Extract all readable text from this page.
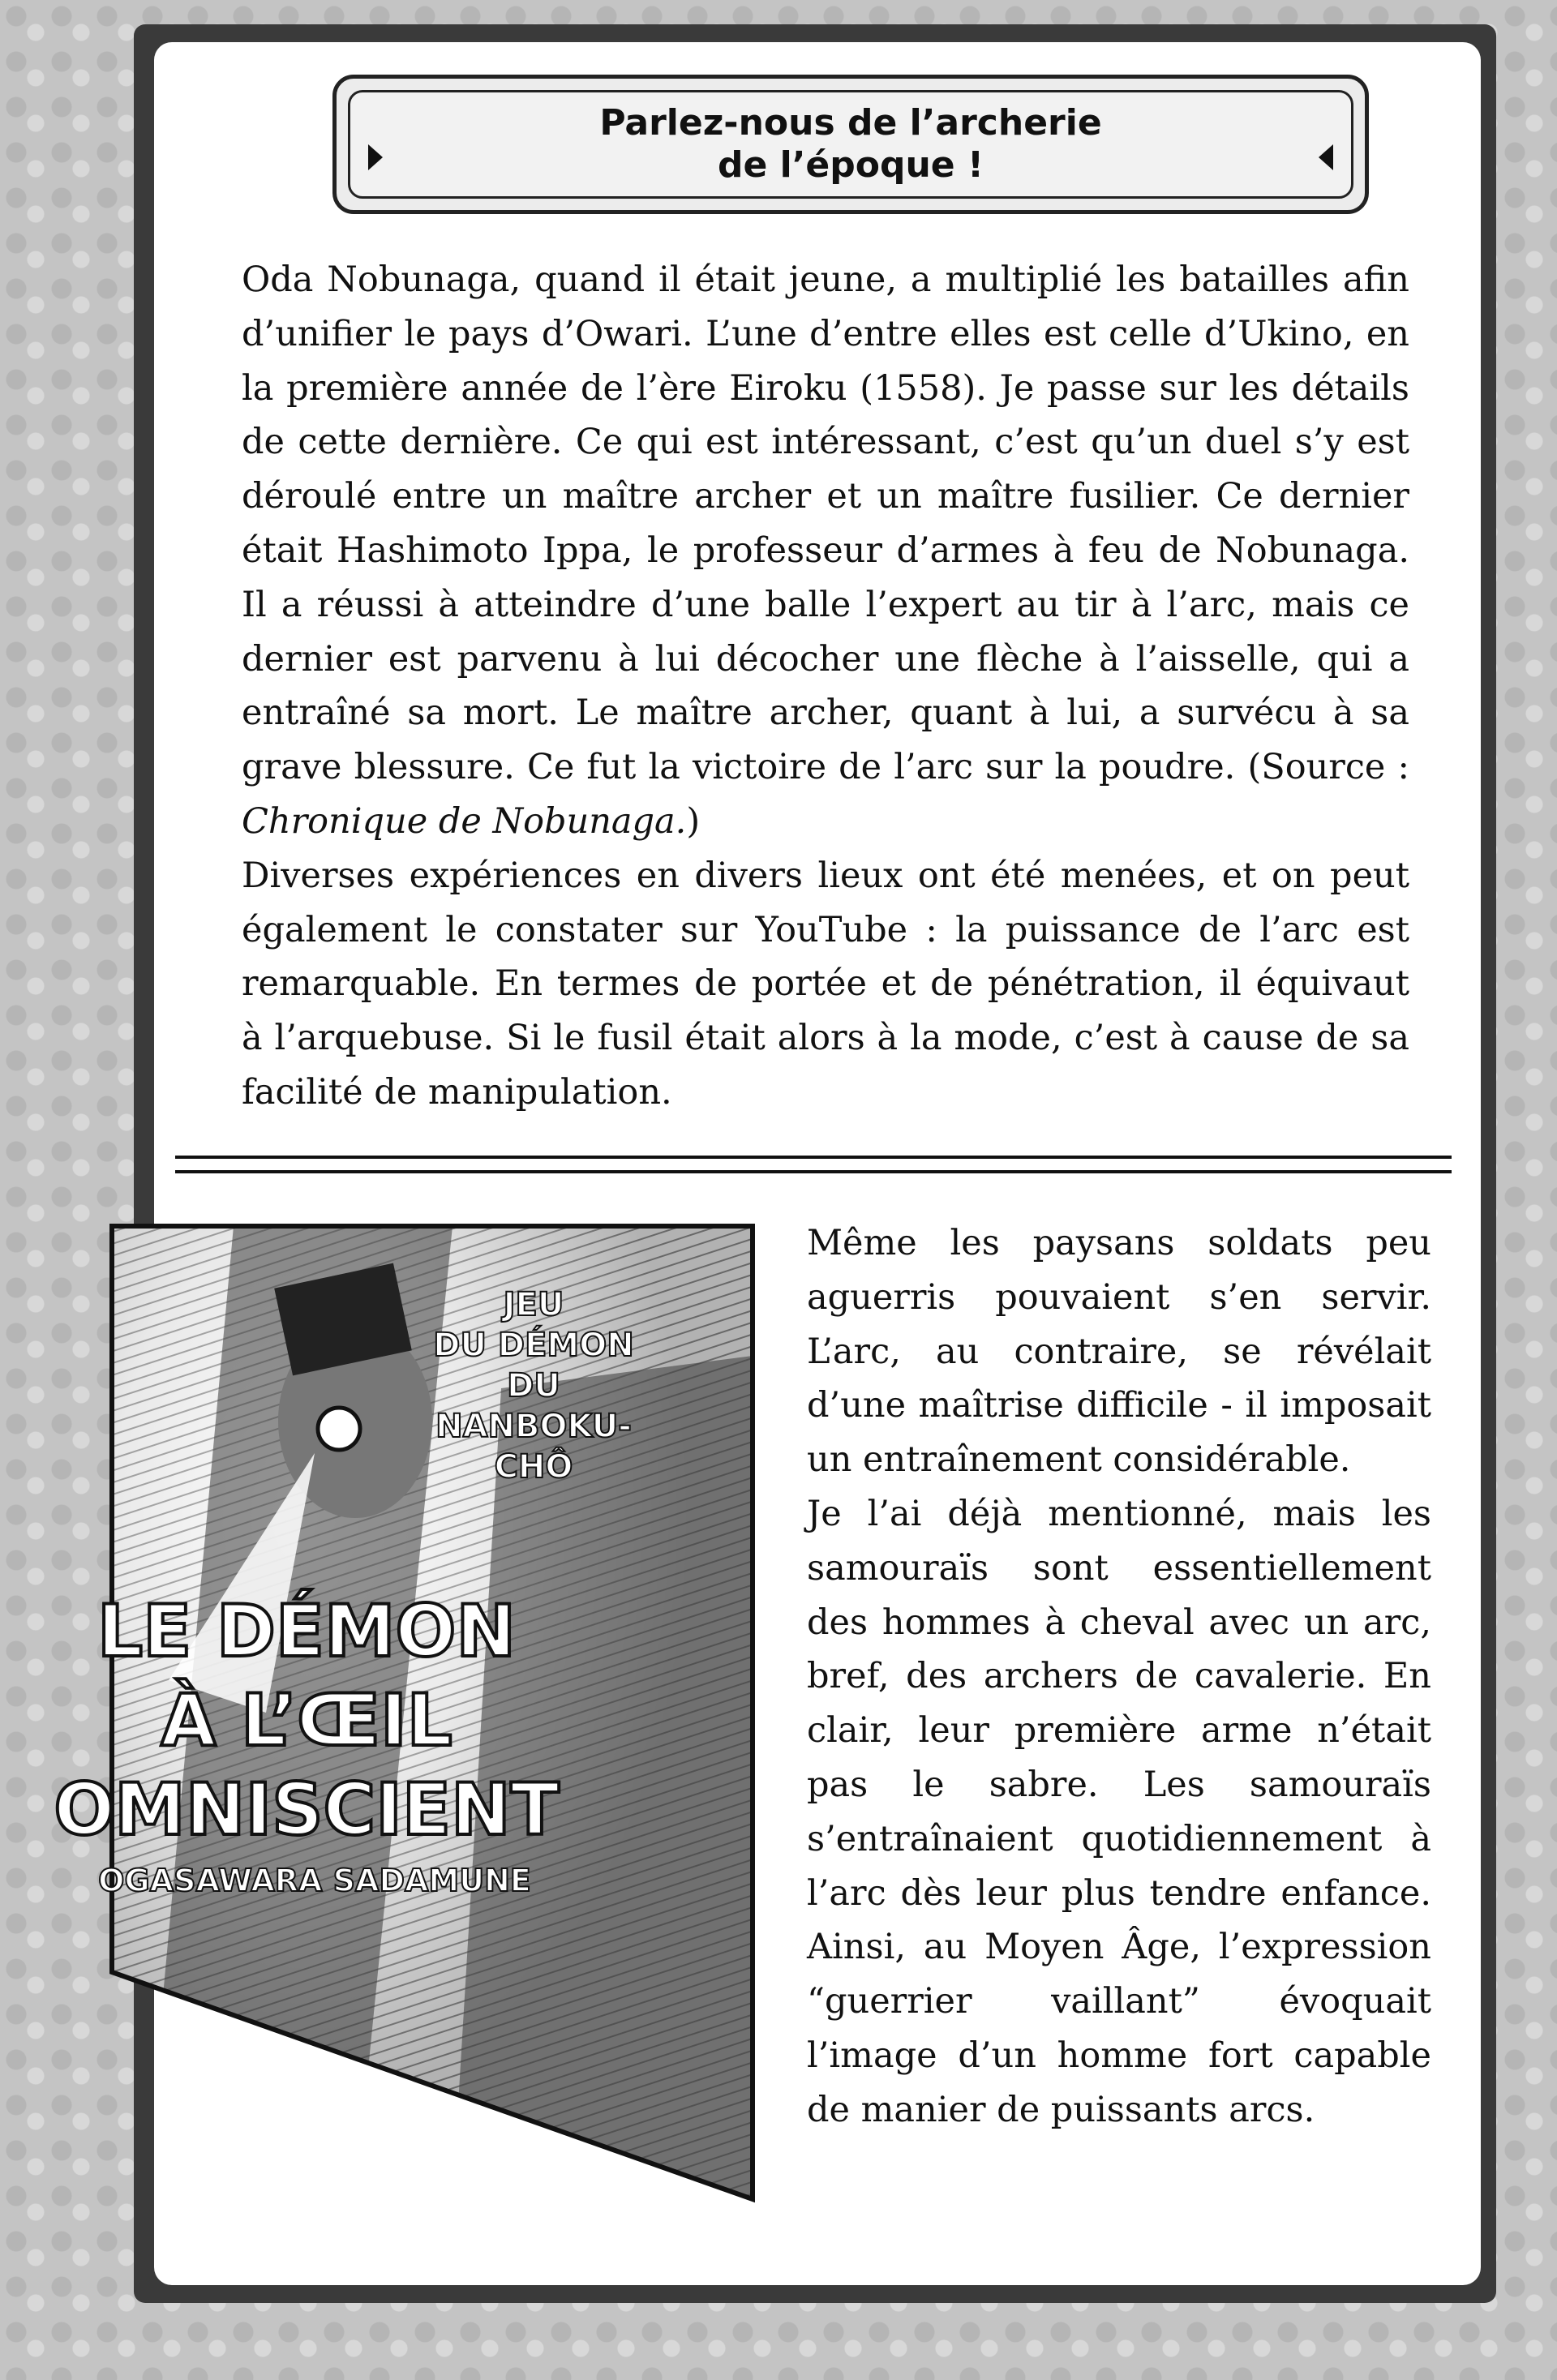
Parlez-nous de l’archerie
de l’époque !

Oda Nobunaga, quand il était jeune, a multiplié les batailles afin d’unifier le pays d’Owari. L’une d’entre elles est celle d’Ukino, en la première année de l’ère Eiroku (1558). Je passe sur les détails de cette dernière. Ce qui est intéressant, c’est qu’un duel s’y est déroulé entre un maître archer et un maître fusilier. Ce dernier était Hashimoto Ippa, le professeur d’armes à feu de Nobunaga. Il a réussi à atteindre d’une balle l’expert au tir à l’arc, mais ce dernier est parvenu à lui décocher une flèche à l’aisselle, qui a entraîné sa mort. Le maître archer, quant à lui, a survécu à sa grave blessure. Ce fut la victoire de l’arc sur la poudre. (Source : Chronique de Nobunaga.)

Diverses expériences en divers lieux ont été menées, et on peut également le constater sur YouTube : la puissance de l’arc est remarquable. En termes de portée et de pénétration, il équivaut à l’arquebuse. Si le fusil était alors à la mode, c’est à cause de sa facilité de manipulation.

JEU
DU DÉMON
DU
NANBOKU-
CHÔ
LE DÉMON
À L’ŒIL
OMNISCIENT
OGASAWARA SADAMUNE

Même les paysans soldats peu aguerris pouvaient s’en servir. L’arc, au contraire, se révélait d’une maîtrise difficile - il imposait un entraînement considérable.

Je l’ai déjà mentionné, mais les samouraïs sont essentiellement des hommes à cheval avec un arc, bref, des archers de cavalerie. En clair, leur première arme n’était pas le sabre. Les samouraïs s’entraînaient quotidiennement à l’arc dès leur plus tendre enfance. Ainsi, au Moyen Âge, l’expression “guerrier vaillant” évoquait l’image d’un homme fort capable de manier de puissants arcs.
